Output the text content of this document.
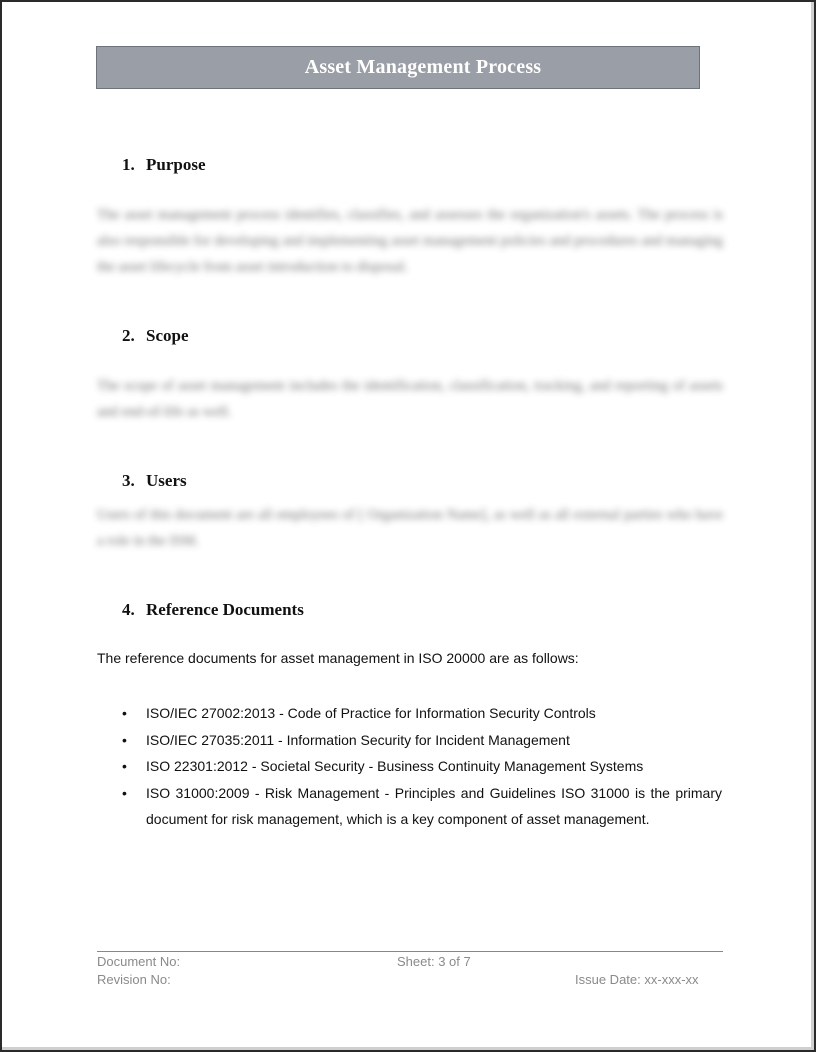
Asset Management Process
1. Purpose
The asset management process identifies, classifies, and assesses the organization's assets. The process is also responsible for developing and implementing asset management policies and procedures and managing the asset lifecycle from asset introduction to disposal.
2. Scope
The scope of asset management includes the identification, classification, tracking, and reporting of assets and end-of-life as well.
3. Users
Users of this document are all employees of [ Organization Name], as well as all external parties who have a role in the ISM.
4. Reference Documents
The reference documents for asset management in ISO 20000 are as follows:
• ISO/IEC 27002:2013 - Code of Practice for Information Security Controls
• ISO/IEC 27035:2011 - Information Security for Incident Management
• ISO 22301:2012 - Societal Security - Business Continuity Management Systems
• ISO 31000:2009 - Risk Management - Principles and Guidelines ISO 31000 is the primary document for risk management, which is a key component of asset management.
Document No:	Sheet: 3 of 7
Revision No:	Issue Date: xx-xxx-xx
